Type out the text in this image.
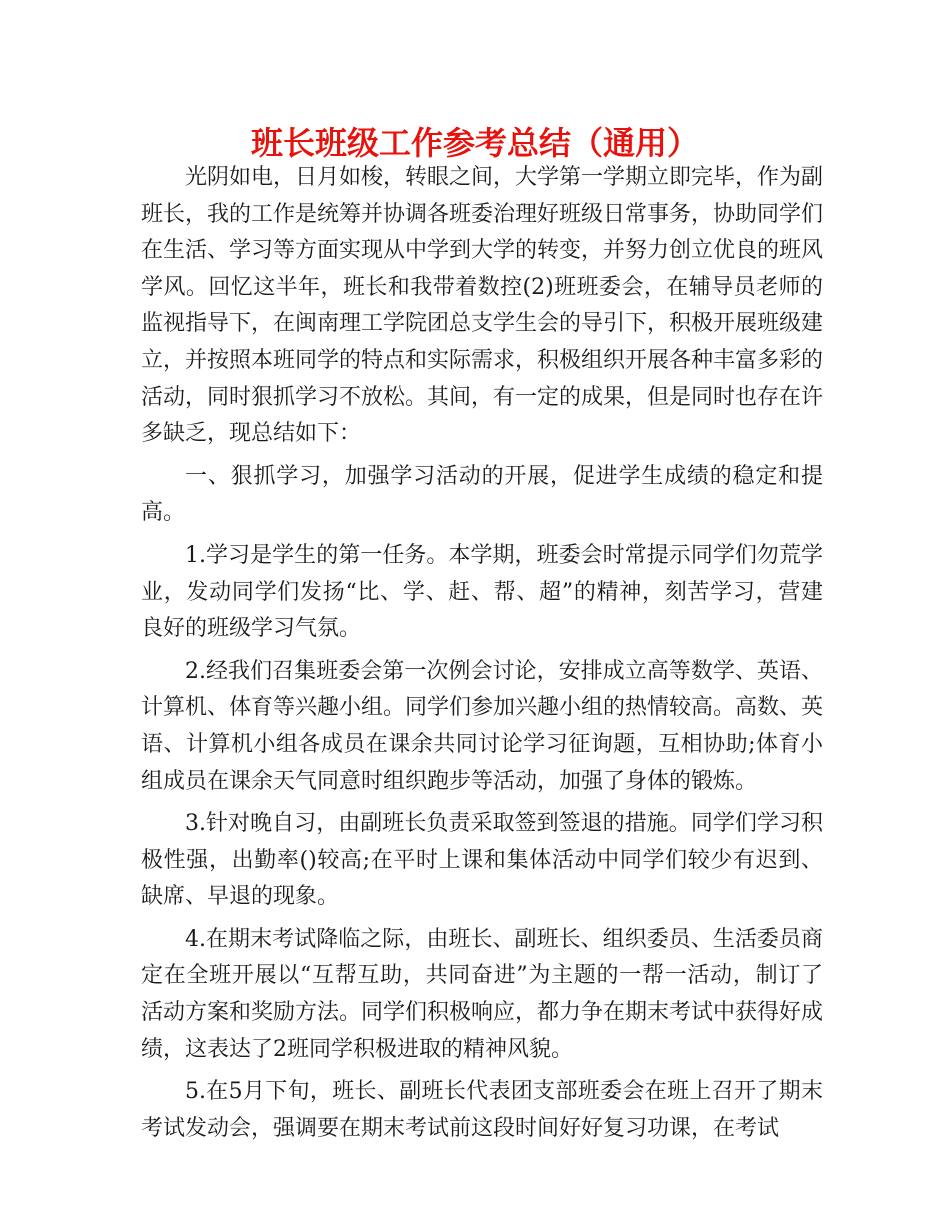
班长班级工作参考总结（通用）

光阴如电，日月如梭，转眼之间，大学第一学期立即完毕，作为副班长，我的工作是统筹并协调各班委治理好班级日常事务，协助同学们在生活、学习等方面实现从中学到大学的转变，并努力创立优良的班风学风。回忆这半年，班长和我带着数控(2)班班委会，在辅导员老师的监视指导下，在闽南理工学院团总支学生会的导引下，积极开展班级建立，并按照本班同学的特点和实际需求，积极组织开展各种丰富多彩的活动，同时狠抓学习不放松。其间，有一定的成果，但是同时也存在许多缺乏，现总结如下：

一、狠抓学习，加强学习活动的开展，促进学生成绩的稳定和提高。

1.学习是学生的第一任务。本学期，班委会时常提示同学们勿荒学业，发动同学们发扬“比、学、赶、帮、超”的精神，刻苦学习，营建良好的班级学习气氛。

2.经我们召集班委会第一次例会讨论，安排成立高等数学、英语、计算机、体育等兴趣小组。同学们参加兴趣小组的热情较高。高数、英语、计算机小组各成员在课余共同讨论学习征询题，互相协助;体育小组成员在课余天气同意时组织跑步等活动，加强了身体的锻炼。

3.针对晚自习，由副班长负责采取签到签退的措施。同学们学习积极性强，出勤率()较高;在平时上课和集体活动中同学们较少有迟到、缺席、早退的现象。

4.在期末考试降临之际，由班长、副班长、组织委员、生活委员商定在全班开展以“互帮互助，共同奋进”为主题的一帮一活动，制订了活动方案和奖励方法。同学们积极响应，都力争在期末考试中获得好成绩，这表达了2班同学积极进取的精神风貌。

5.在5月下旬，班长、副班长代表团支部班委会在班上召开了期末考试发动会，强调要在期末考试前这段时间好好复习功课，在考试
